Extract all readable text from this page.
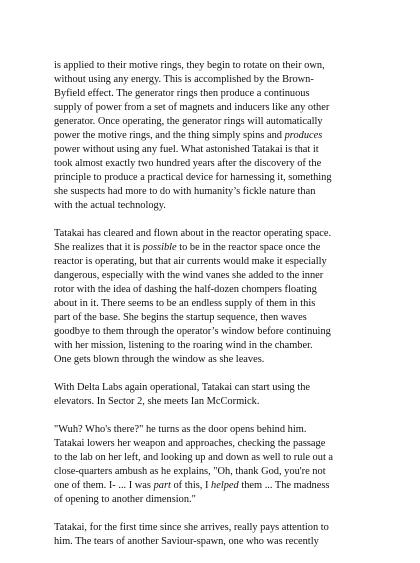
is applied to their motive rings, they begin to rotate on their own,
without using any energy. This is accomplished by the Brown-
Byfield effect. The generator rings then produce a continuous
supply of power from a set of magnets and inducers like any other
generator. Once operating, the generator rings will automatically
power the motive rings, and the thing simply spins and produces
power without using any fuel. What astonished Tatakai is that it
took almost exactly two hundred years after the discovery of the
principle to produce a practical device for harnessing it, something
she suspects had more to do with humanity’s fickle nature than
with the actual technology.
Tatakai has cleared and flown about in the reactor operating space.
She realizes that it is possible to be in the reactor space once the
reactor is operating, but that air currents would make it especially
dangerous, especially with the wind vanes she added to the inner
rotor with the idea of dashing the half-dozen chompers floating
about in it. There seems to be an endless supply of them in this
part of the base. She begins the startup sequence, then waves
goodbye to them through the operator’s window before continuing
with her mission, listening to the roaring wind in the chamber.
One gets blown through the window as she leaves.
With Delta Labs again operational, Tatakai can start using the
elevators. In Sector 2, she meets Ian McCormick.
"Wuh? Who's there?" he turns as the door opens behind him.
Tatakai lowers her weapon and approaches, checking the passage
to the lab on her left, and looking up and down as well to rule out a
close-quarters ambush as he explains, "Oh, thank God, you're not
one of them. I- ... I was part of this, I helped them ... The madness
of opening to another dimension."
Tatakai, for the first time since she arrives, really pays attention to
him. The tears of another Saviour-spawn, one who was recently
